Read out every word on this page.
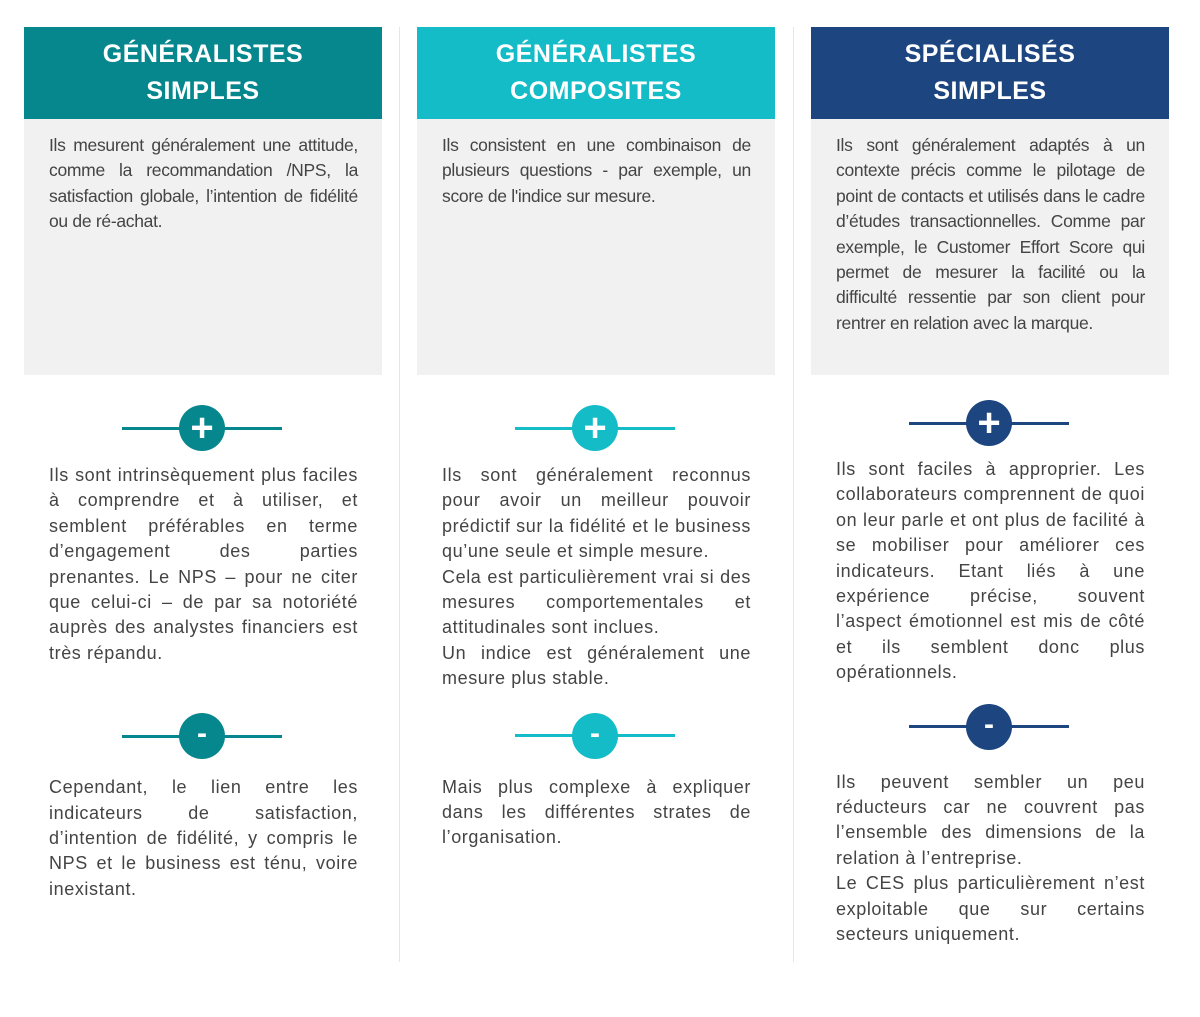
GÉNÉRALISTES
SIMPLES
Ils mesurent généralement une attitude, comme la recommandation /NPS, la satisfaction globale, l’intention de fidélité ou de ré-achat.
+

Ils sont intrinsèquement plus faciles à comprendre et à utiliser, et semblent préférables en terme d’engagement des parties prenantes. Le NPS – pour ne citer que celui-ci – de par sa notoriété auprès des analystes financiers est très répandu.

-

Cependant, le lien entre les indicateurs de satisfaction, d’intention de fidélité, y compris le NPS et le business est ténu, voire inexistant.

GÉNÉRALISTES
COMPOSITES
Ils consistent en une combinaison de plusieurs questions - par exemple, un score de l'indice sur mesure.
+

Ils sont généralement reconnus pour avoir un meilleur pouvoir prédictif sur la fidélité et le business qu’une seule et simple mesure.

Cela est particulièrement vrai si des mesures comportementales et attitudinales sont inclues.

Un indice est généralement une mesure plus stable.

-

Mais plus complexe à expliquer dans les différentes strates de l’organisation.

SPÉCIALISÉS
SIMPLES
Ils sont généralement adaptés à un contexte précis comme le pilotage de point de contacts et utilisés dans le cadre d’études transactionnelles. Comme par exemple, le Customer Effort Score qui permet de mesurer la facilité ou la difficulté ressentie par son client pour rentrer en relation avec la marque.
+

Ils sont faciles à approprier. Les collaborateurs comprennent de quoi on leur parle et ont plus de facilité à se mobiliser pour améliorer ces indicateurs. Etant liés à une expérience précise, souvent l’aspect émotionnel est mis de côté et ils semblent donc plus opérationnels.

-

Ils peuvent sembler un peu réducteurs car ne couvrent pas l’ensemble des dimensions de la relation à l’entreprise.

Le CES plus particulièrement n’est exploitable que sur certains secteurs uniquement.
